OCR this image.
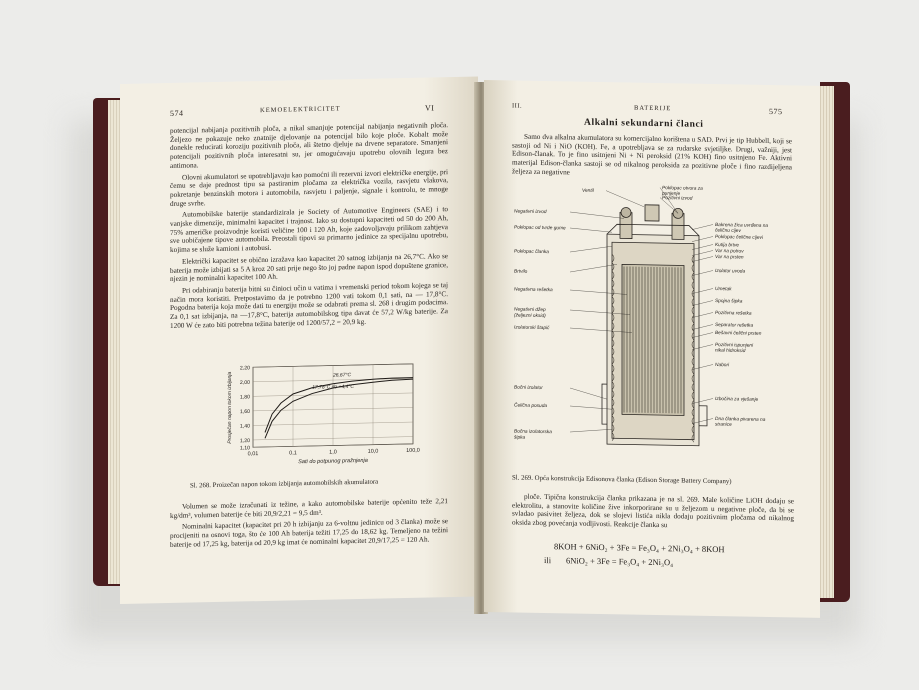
574	KEMOELEKTRICITET	VI

potencijal nabijanja pozitivnih ploča, a nikal smanjuje potencijal nabijanja negativnih ploča. Željezo ne pokazuje neko znatnije djelovanje na potencijal bilo koje ploče. Kobalt može donekle reducirati koroziju pozitivnih ploča, ali štetno djeluje na drvene separatore. Smanjeni potencijali pozitivnih ploča interesatni su, jer omogućavaju upotrebu olovnih legura bez antimona.

Olovni akumulatori se upotrebljavaju kao pomoćni ili rezervni izvori električke energije, pri čemu se daje prednost tipu sa pastiranim pločama za električka vozila, rasvjetu vlakova, pokretanje benzinskih motora i automobila, rasvjetu i paljenje, signale i kontrolu, te mnoge druge svrhe.

Automobilske baterije standardizirala je Society of Automotive Engineers (SAE) i to vanjske dimenzije, minimalni kapacitet i trajnost. Iako su dostupni kapaciteti od 50 do 200 Ah, 75% američke proizvodnje koristi veličine 100 i 120 Ah, koje zadovoljavaju prilikom zahtjeva sve uobičajene tipove automobila. Preostali tipovi su primarno jedinice za specijalnu upotrebu, kojima se služe kamioni i autobusi.

Električki kapacitet se obično izražava kao kapacitet 20 satnog izbijanja na 26,7°C. Ako se baterija može izbijati sa 5 A kroz 20 sati prije nego što joj padne napon ispod dopuštene granice, njezin je nominalni kapacitet 100 Ah.

Pri odabiranju baterija bitni su činioci učin u vatima i vremenski period tokom kojega se taj način mora koristiti. Pretpostavimo da je potrebno 1200 vati tokom 0,1 sati, na — 17,8°C. Pogodna baterija koja može dati tu energiju može se odabrati prema sl. 268 i drugim podacima. Za 0,1 sat izbijanja, na —17,8°C, baterija automobilskog tipa davat će 57,2 W/kg baterije. Za 1200 W će zato biti potrebna težina baterije od 1200/57,2 = 20,9 kg.

0,01	0,1	1,0	10,0	100,0
1,10
1,20
1,40
1,60
1,80
2,00
2,20
26,67°C
17,78°C do +4,4°C
Sati do potpunog pražnjenja
Prosječan napon tokom izbijanja
Sl. 268. Proizečan napon tokom izbijanja automobilskih akumulatora

Volumen se može izračunati iz težine, a kako automobilske baterije općenito teže 2,21 kg/dm³, volumen baterije će biti 20,9/2,21 = 9,5 dm³.

Nominalni kapacitet (kapacitet pri 20 h izbijanju za 6-voltnu jedinicu od 3 članka) može se procijeniti na osnovi toga, što će 100 Ah baterija težiti 17,25 do 18,62 kg. Temeljeno na težini baterije od 17,25 kg, baterija od 20,9 kg imat će nominalni kapacitet 20,9/17,25 = 120 Ah.

III.	BATERIJE	575
Alkalni sekundarni članci

Samo dva alkalna akumulatora su komercijalno korištena u SAD. Prvi je tip Hubbell, koji se sastoji od Ni i NiO (KOH). Fe, a upotrebljava se za rudarske svjetiljke. Drugi, važniji, jest Edison-članak. To je fino usitnjeni Ni + Ni peroksid (21% KOH) fino usitnjeno Fe. Aktivni materijal Edison-članka sastoji se od nikalnog peroksida za pozitivne ploče i fino razdijeljena željeza za negativne

Ventil
Negativni izvod
Poklopac od tvrde gume
Poklopac članka
Brtvilo
Negativna rešetka
Negativni džep(željezni oksid)
Izolatorski štapić
Bočni izolator
Čelična posuda
Bočna izolatorskašipka
Poklopac otvora zapunjenje
Pozitivni izvod
Bakrena žica uvrđena načeličnu cijev
Poklopac čelične cijevi
Kutija brtve
Var na potrov
Var na prsten
Izolator uvoda
Umetak
Spojna šipka
Pozitivna rešetka
Separator rešetka
Bešavni čelični prsten
Pozitivni ispunjeninikal hidroksid
Nabori
Izbočina za vješanje
Dna članka pivarena nastranice
Sl. 269. Opća konstrukcija Edisonova članka (Edison Storage Battery Company)

ploče. Tipična konstrukcija članka prikazana je na sl. 269. Male količine LiOH dodaju se elektrolitu, a stanovite količine žive inkorporirane su u željezom u negativne ploče, da bi se svladao pasivitet željeza, dok se slojevi listića nikla dodaju pozitivnim pločama od nikalnog oksida zbog povećanja vodljivosti. Reakcije članka su

8KOH + 6NiO₂ + 3Fe = Fe₃O₄ + 2Ni₃O₄ + 8KOH
ili 6NiO₂ + 3Fe = Fe₃O₄ + 2Ni₃O₄
